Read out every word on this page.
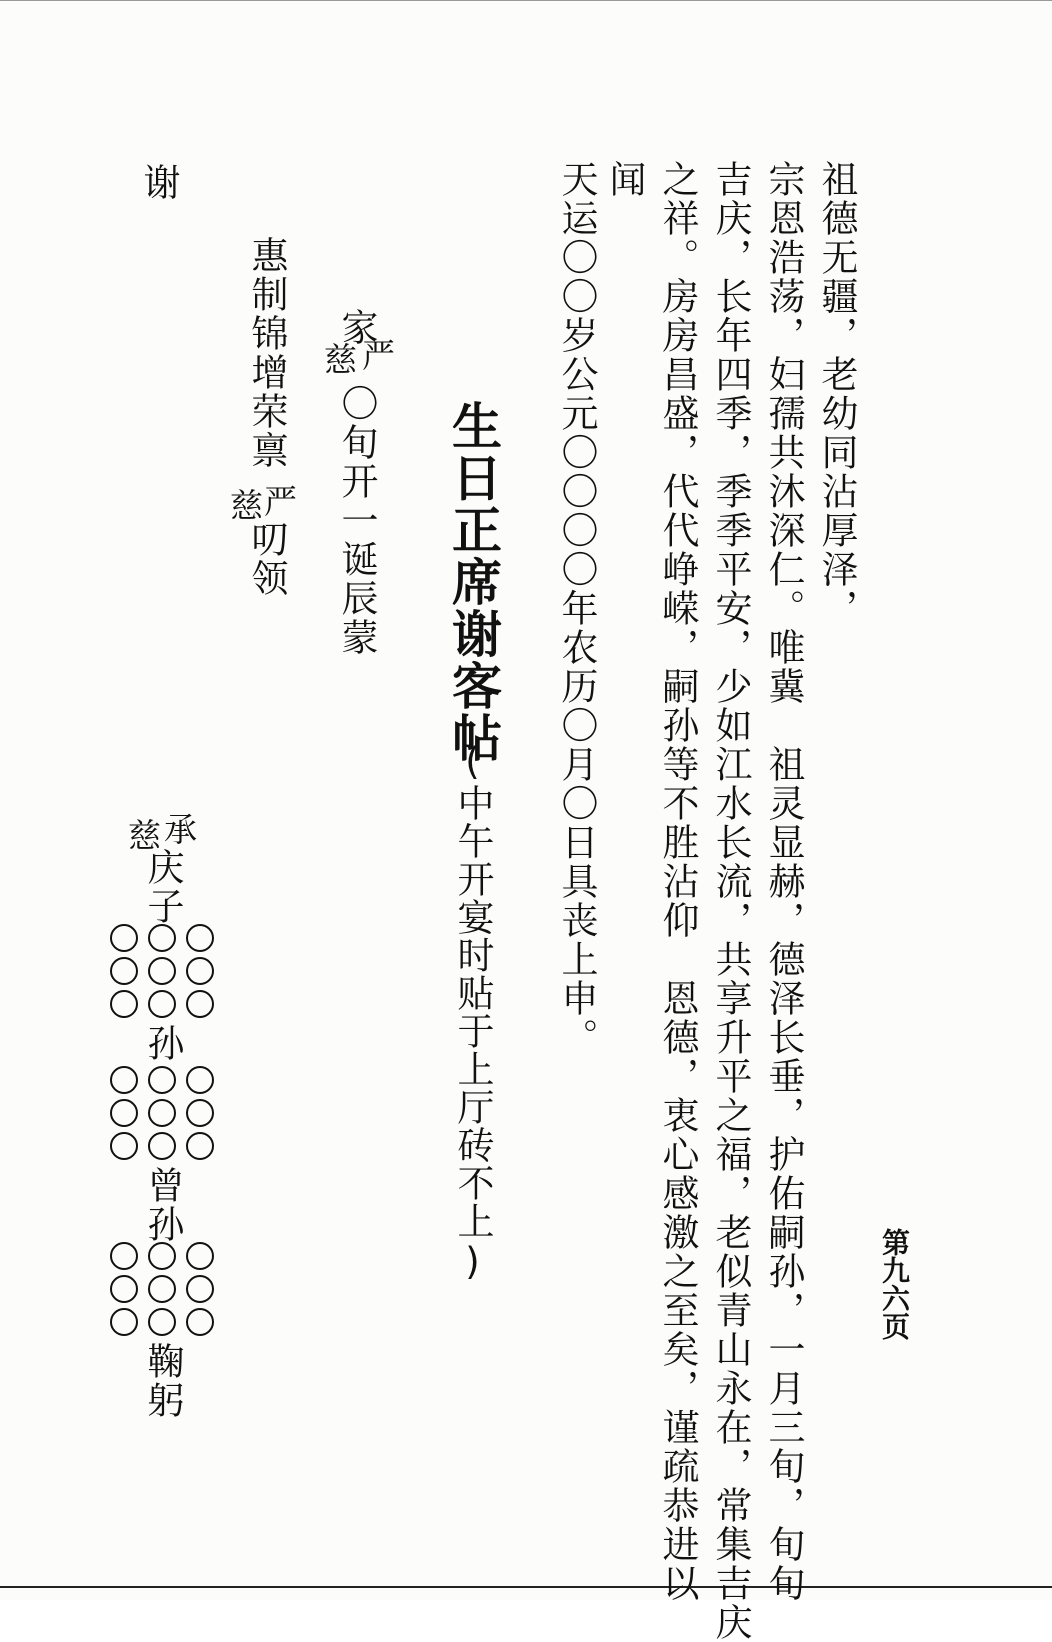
第九六页
祖德无疆，老幼同沾厚泽，
宗恩浩荡，妇孺共沐深仁。唯冀　祖灵显赫，德泽长垂，护佑嗣孙，一月三旬，旬旬
吉庆，长年四季，季季平安，少如江水长流，共享升平之福，老似青山永在，常集吉庆
之祥。房房昌盛，代代峥嵘，嗣孙等不胜沾仰　恩德，衷心感激之至矣，谨疏恭进以
闻
天运〇〇岁公元〇〇〇〇年农历〇月〇日具丧上申。
生日正席谢客帖
(中午开宴时贴于上厅砖不上)
家
严
慈
〇旬开一诞辰蒙
惠制锦增荣禀
严
慈
叨领
谢
承
慈
庆子
孙
曾孙
鞠躬
